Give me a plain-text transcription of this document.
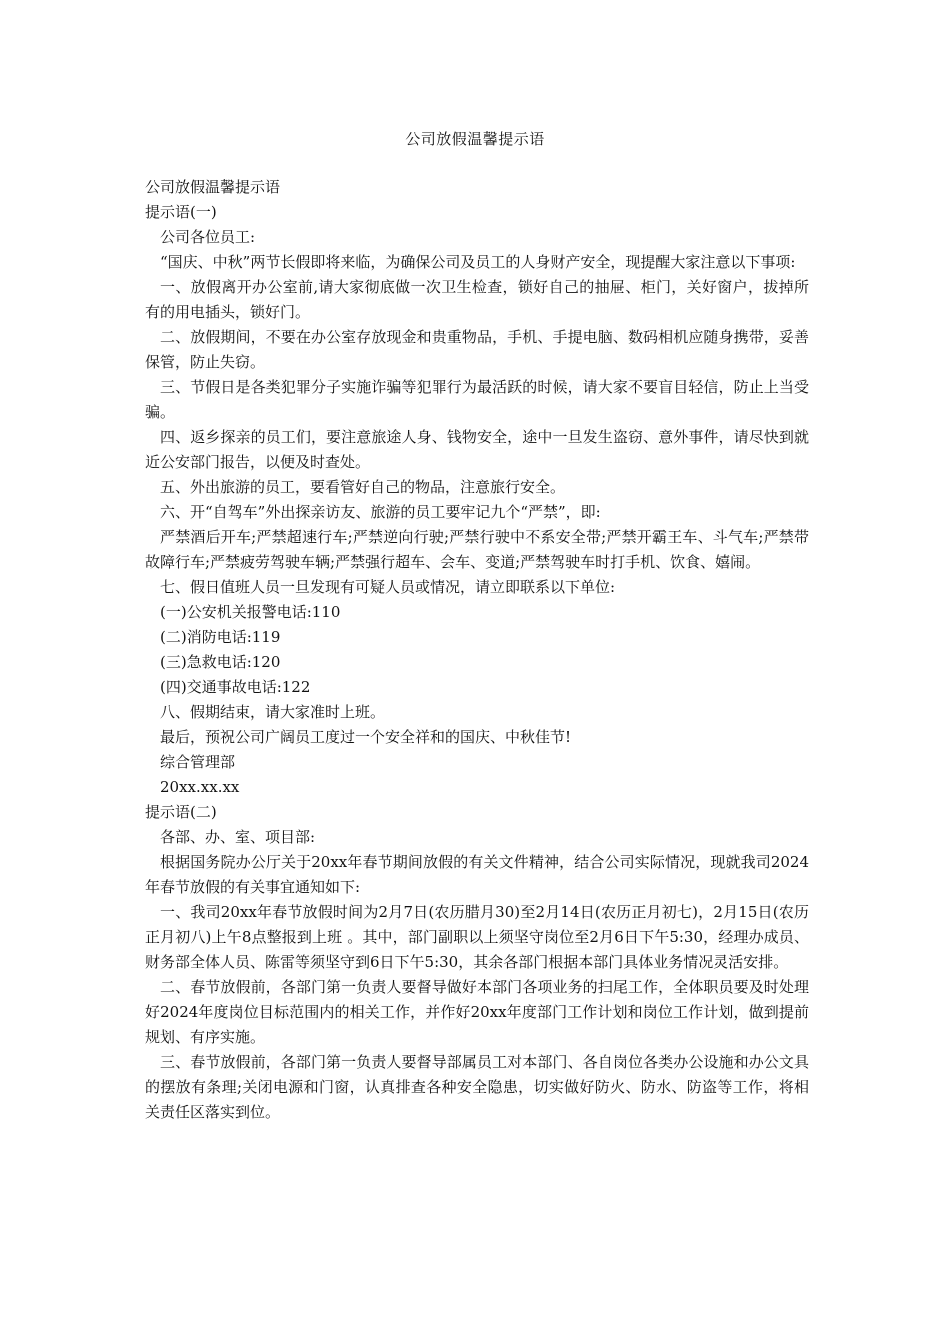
公司放假温馨提示语

公司放假温馨提示语

提示语(一)

公司各位员工:

“国庆、中秋”两节长假即将来临，为确保公司及员工的人身财产安全，现提醒大家注意以下事项:

一、放假离开办公室前,请大家彻底做一次卫生检查，锁好自己的抽屉、柜门，关好窗户，拔掉所有的用电插头，锁好门。

二、放假期间，不要在办公室存放现金和贵重物品，手机、手提电脑、数码相机应随身携带，妥善保管，防止失窃。

三、节假日是各类犯罪分子实施诈骗等犯罪行为最活跃的时候，请大家不要盲目轻信，防止上当受骗。

四、返乡探亲的员工们，要注意旅途人身、钱物安全，途中一旦发生盗窃、意外事件，请尽快到就近公安部门报告，以便及时查处。

五、外出旅游的员工，要看管好自己的物品，注意旅行安全。

六、开“自驾车”外出探亲访友、旅游的员工要牢记九个“严禁”，即:

严禁酒后开车;严禁超速行车;严禁逆向行驶;严禁行驶中不系安全带;严禁开霸王车、斗气车;严禁带故障行车;严禁疲劳驾驶车辆;严禁强行超车、会车、变道;严禁驾驶车时打手机、饮食、嬉闹。

七、假日值班人员一旦发现有可疑人员或情况，请立即联系以下单位:

(一)公安机关报警电话:110

(二)消防电话:119

(三)急救电话:120

(四)交通事故电话:122

八、假期结束，请大家准时上班。

最后，预祝公司广阔员工度过一个安全祥和的国庆、中秋佳节!

综合管理部

20xx.xx.xx

提示语(二)

各部、办、室、项目部:

根据国务院办公厅关于20xx年春节期间放假的有关文件精神，结合公司实际情况，现就我司2024年春节放假的有关事宜通知如下:

一、我司20xx年春节放假时间为2月7日(农历腊月30)至2月14日(农历正月初七)，2月15日(农历正月初八)上午8点整报到上班 。其中，部门副职以上须坚守岗位至2月6日下午5:30，经理办成员、财务部全体人员、陈雷等须坚守到6日下午5:30，其余各部门根据本部门具体业务情况灵活安排。

二、春节放假前，各部门第一负责人要督导做好本部门各项业务的扫尾工作，全体职员要及时处理好2024年度岗位目标范围内的相关工作，并作好20xx年度部门工作计划和岗位工作计划，做到提前规划、有序实施。

三、春节放假前，各部门第一负责人要督导部属员工对本部门、各自岗位各类办公设施和办公文具的摆放有条理;关闭电源和门窗，认真排查各种安全隐患，切实做好防火、防水、防盗等工作，将相关责任区落实到位。
